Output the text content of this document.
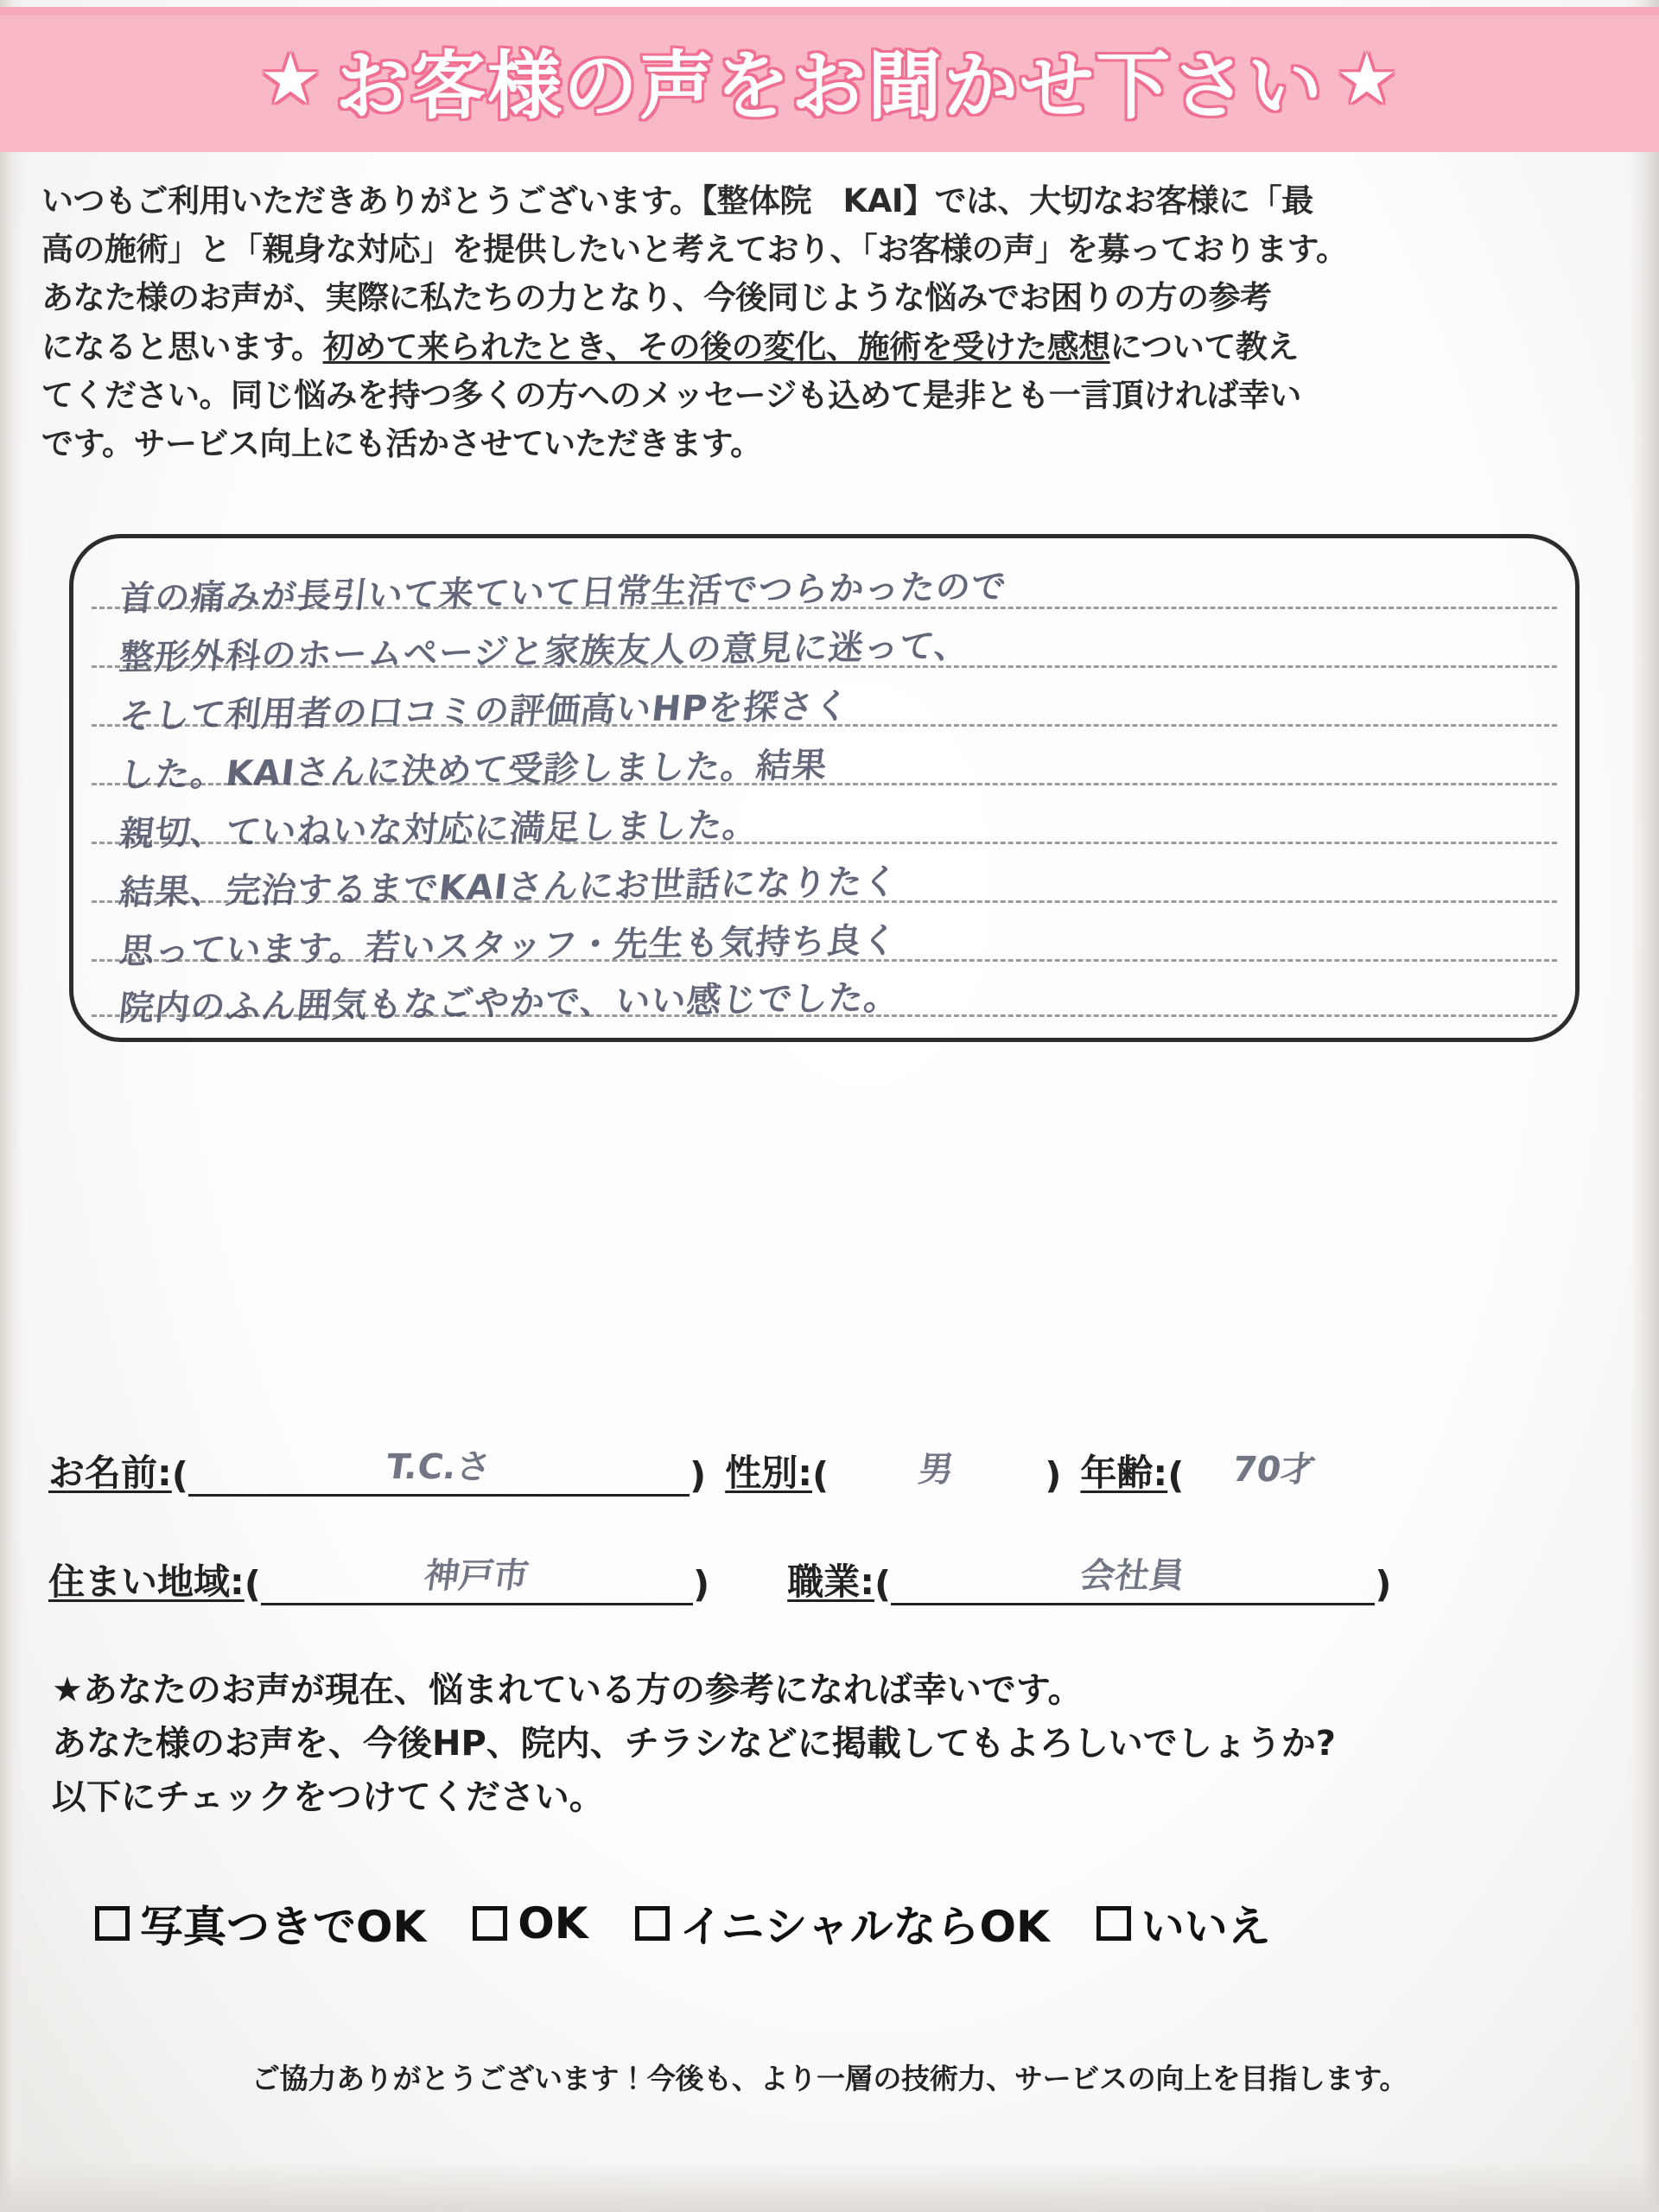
★ お客様の声をお聞かせ下さい ★
いつもご利用いただきありがとうございます。【整体院　KAI】では、大切なお客様に「最
高の施術」と「親身な対応」を提供したいと考えており、「お客様の声」を募っております。
あなた様のお声が、実際に私たちの力となり、今後同じような悩みでお困りの方の参考
になると思います。初めて来られたとき、その後の変化、施術を受けた感想について教え
てください。同じ悩みを持つ多くの方へのメッセージも込めて是非とも一言頂ければ幸い
です。サービス向上にも活かさせていただきます。
首の痛みが長引いて来ていて日常生活でつらかったので
整形外科のホームページと家族友人の意見に迷って、
そして利用者の口コミの評価高いHPを探さく
した。KAIさんに決めて受診しました。結果
親切、ていねいな対応に満足しました。
結果、完治するまでKAIさんにお世話になりたく
思っています。若いスタッフ・先生も気持ち良く
院内のふん囲気もなごやかで、いい感じでした。
お名前: (	T.C.さ	) 性別: (	男	) 年齢: (	70才
住まい地域: (	神戸市	) 職業: (	会社員	)
★あなたのお声が現在、悩まれている方の参考になれば幸いです。
あなた様のお声を、今後HP、院内、チラシなどに掲載してもよろしいでしょうか?
以下にチェックをつけてください。
写真つきでOK OK イニシャルならOK いいえ
ご協力ありがとうございます！今後も、より一層の技術力、サービスの向上を目指します。
